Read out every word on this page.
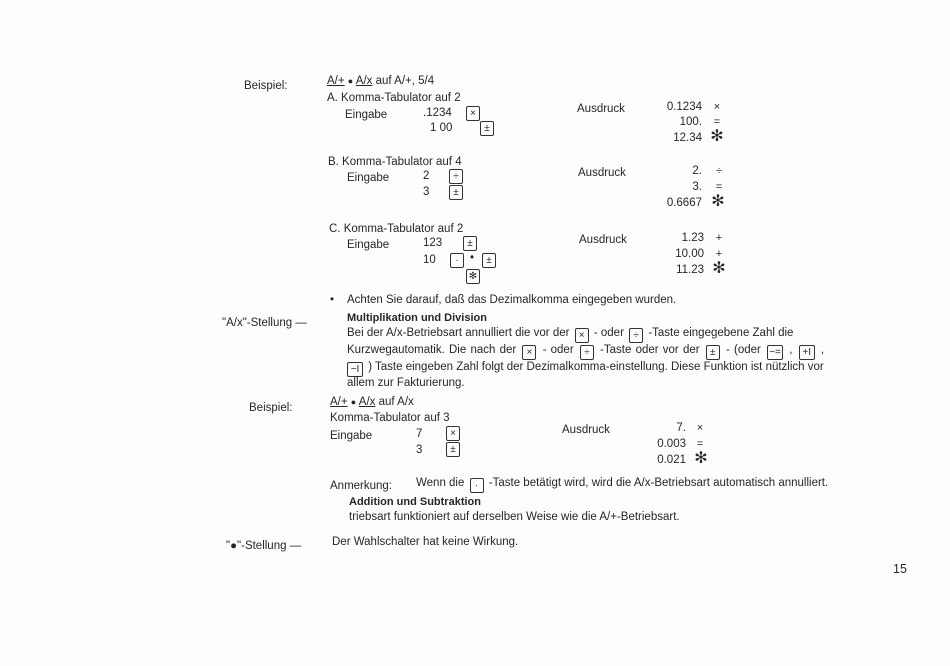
Beispiel:	A/+ ● A/x auf A/+, 5/4
A. Komma-Tabulator auf 2
Eingabe	.1234	×
1 00	±
Ausdruck	0.1234	×
100.	=
12.34 ✻
B. Komma-Tabulator auf 4
Eingabe	2	÷
3	±
Ausdruck	2.	÷
3.	=
0.6667 ✻
C. Komma-Tabulator auf 2
Eingabe	123	±
10	· •	±
✻
Ausdruck	1.23	+
10.00	+
11.23 ✻
• Achten Sie darauf, daß das Dezimalkomma eingegeben wurden.
"A/x"-Stellung —	Multiplikation und Division
Bei der A/x-Betriebsart annulliert die vor der × - oder ÷ -Taste eingegebene Zahl die
Kurzwegautomatik. Die nach der × - oder ÷ -Taste oder vor der ± - (oder −= , +I ,
−I ) Taste eingeben Zahl folgt der Dezimalkomma-einstellung. Diese Funktion ist nützlich vor
allem zur Fakturierung.
Beispiel:	A/+ ● A/x auf A/x
Komma-Tabulator auf 3
Eingabe	7	×
3	±
Ausdruck	7. ×
0.003 =
0.021 ✻
Anmerkung: Wenn die · -Taste betätigt wird, wird die A/x-Betriebsart automatisch annulliert.
Addition und Subtraktion
triebsart funktioniert auf derselben Weise wie die A/+-Betriebsart.
"●"-Stellung —	Der Wahlschalter hat keine Wirkung.
15
